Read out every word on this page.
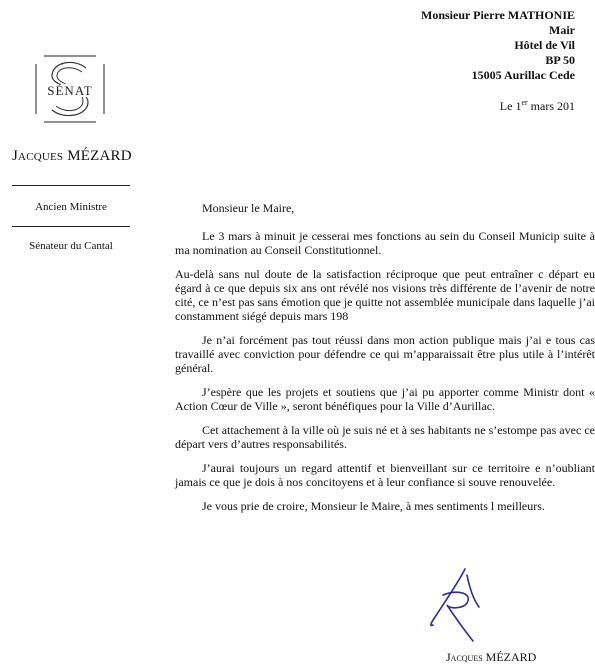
Monsieur Pierre MATHONIE
Mair
Hôtel de Vil
BP 50
15005 Aurillac Cede
Le 1er mars 201
SÉNAT
Jacques MÉZARD
Ancien Ministre
Sénateur du Cantal
Monsieur le Maire,

Le 3 mars à minuit je cesserai mes fonctions au sein du Conseil Municip suite à ma nomination au Conseil Constitutionnel.

Au-delà sans nul doute de la satisfaction réciproque que peut entraîner c départ eu égard à ce que depuis six ans ont révélé nos visions très différente de l’avenir de notre cité, ce n’est pas sans émotion que je quitte not assemblée municipale dans laquelle j’ai constamment siégé depuis mars 198

Je n’ai forcément pas tout réussi dans mon action publique mais j’ai e tous cas travaillé avec conviction pour défendre ce qui m’apparaissait être plus utile à l’intérêt général.

J’espère que les projets et soutiens que j’ai pu apporter comme Ministr dont « Action Cœur de Ville », seront bénéfiques pour la Ville d’Aurillac.

Cet attachement à la ville où je suis né et à ses habitants ne s’estompe pas avec ce départ vers d’autres responsabilités.

J’aurai toujours un regard attentif et bienveillant sur ce territoire e n’oubliant jamais ce que je dois à nos concitoyens et à leur confiance si souve renouvelée.

Je vous prie de croire, Monsieur le Maire, à mes sentiments l meilleurs.

Jacques MÉZARD
